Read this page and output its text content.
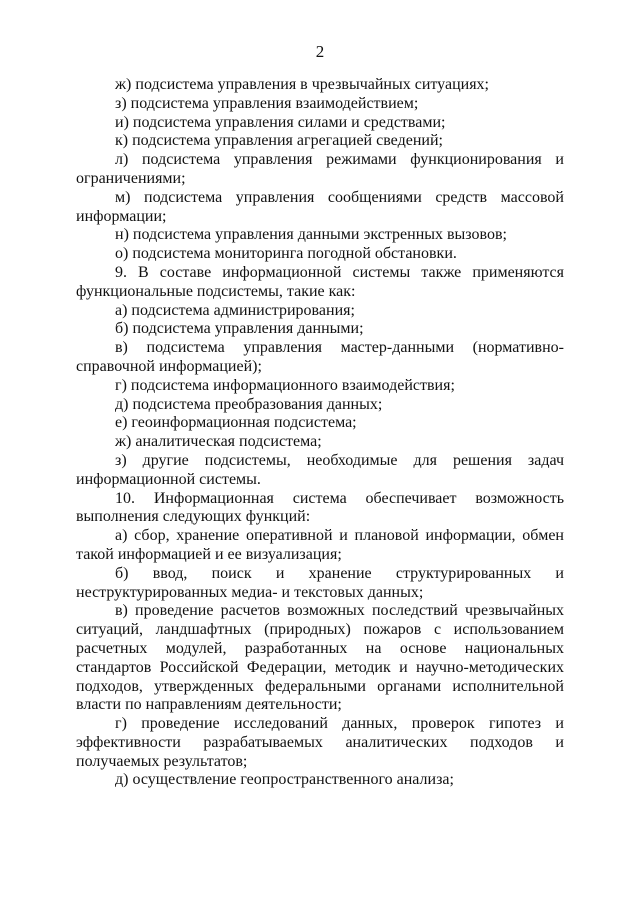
2

ж) подсистема управления в чрезвычайных ситуациях;

з) подсистема управления взаимодействием;

и) подсистема управления силами и средствами;

к) подсистема управления агрегацией сведений;

л) подсистема управления режимами функционирования и ограничениями;

м) подсистема управления сообщениями средств массовой информации;

н) подсистема управления данными экстренных вызовов;

о) подсистема мониторинга погодной обстановки.

9. В составе информационной системы также применяются функциональные подсистемы, такие как:

а) подсистема администрирования;

б) подсистема управления данными;

в) подсистема управления мастер-данными (нормативно-справочной информацией);

г) подсистема информационного взаимодействия;

д) подсистема преобразования данных;

е) геоинформационная подсистема;

ж) аналитическая подсистема;

з) другие подсистемы, необходимые для решения задач информационной системы.

10. Информационная система обеспечивает возможность выполнения следующих функций:

а) сбор, хранение оперативной и плановой информации, обмен такой информацией и ее визуализация;

б) ввод, поиск и хранение структурированных и неструктурированных медиа- и текстовых данных;

в) проведение расчетов возможных последствий чрезвычайных ситуаций, ландшафтных (природных) пожаров с использованием расчетных модулей, разработанных на основе национальных стандартов Российской Федерации, методик и научно-методических подходов, утвержденных федеральными органами исполнительной власти по направлениям деятельности;

г) проведение исследований данных, проверок гипотез и эффективности разрабатываемых аналитических подходов и получаемых результатов;

д) осуществление геопространственного анализа;
